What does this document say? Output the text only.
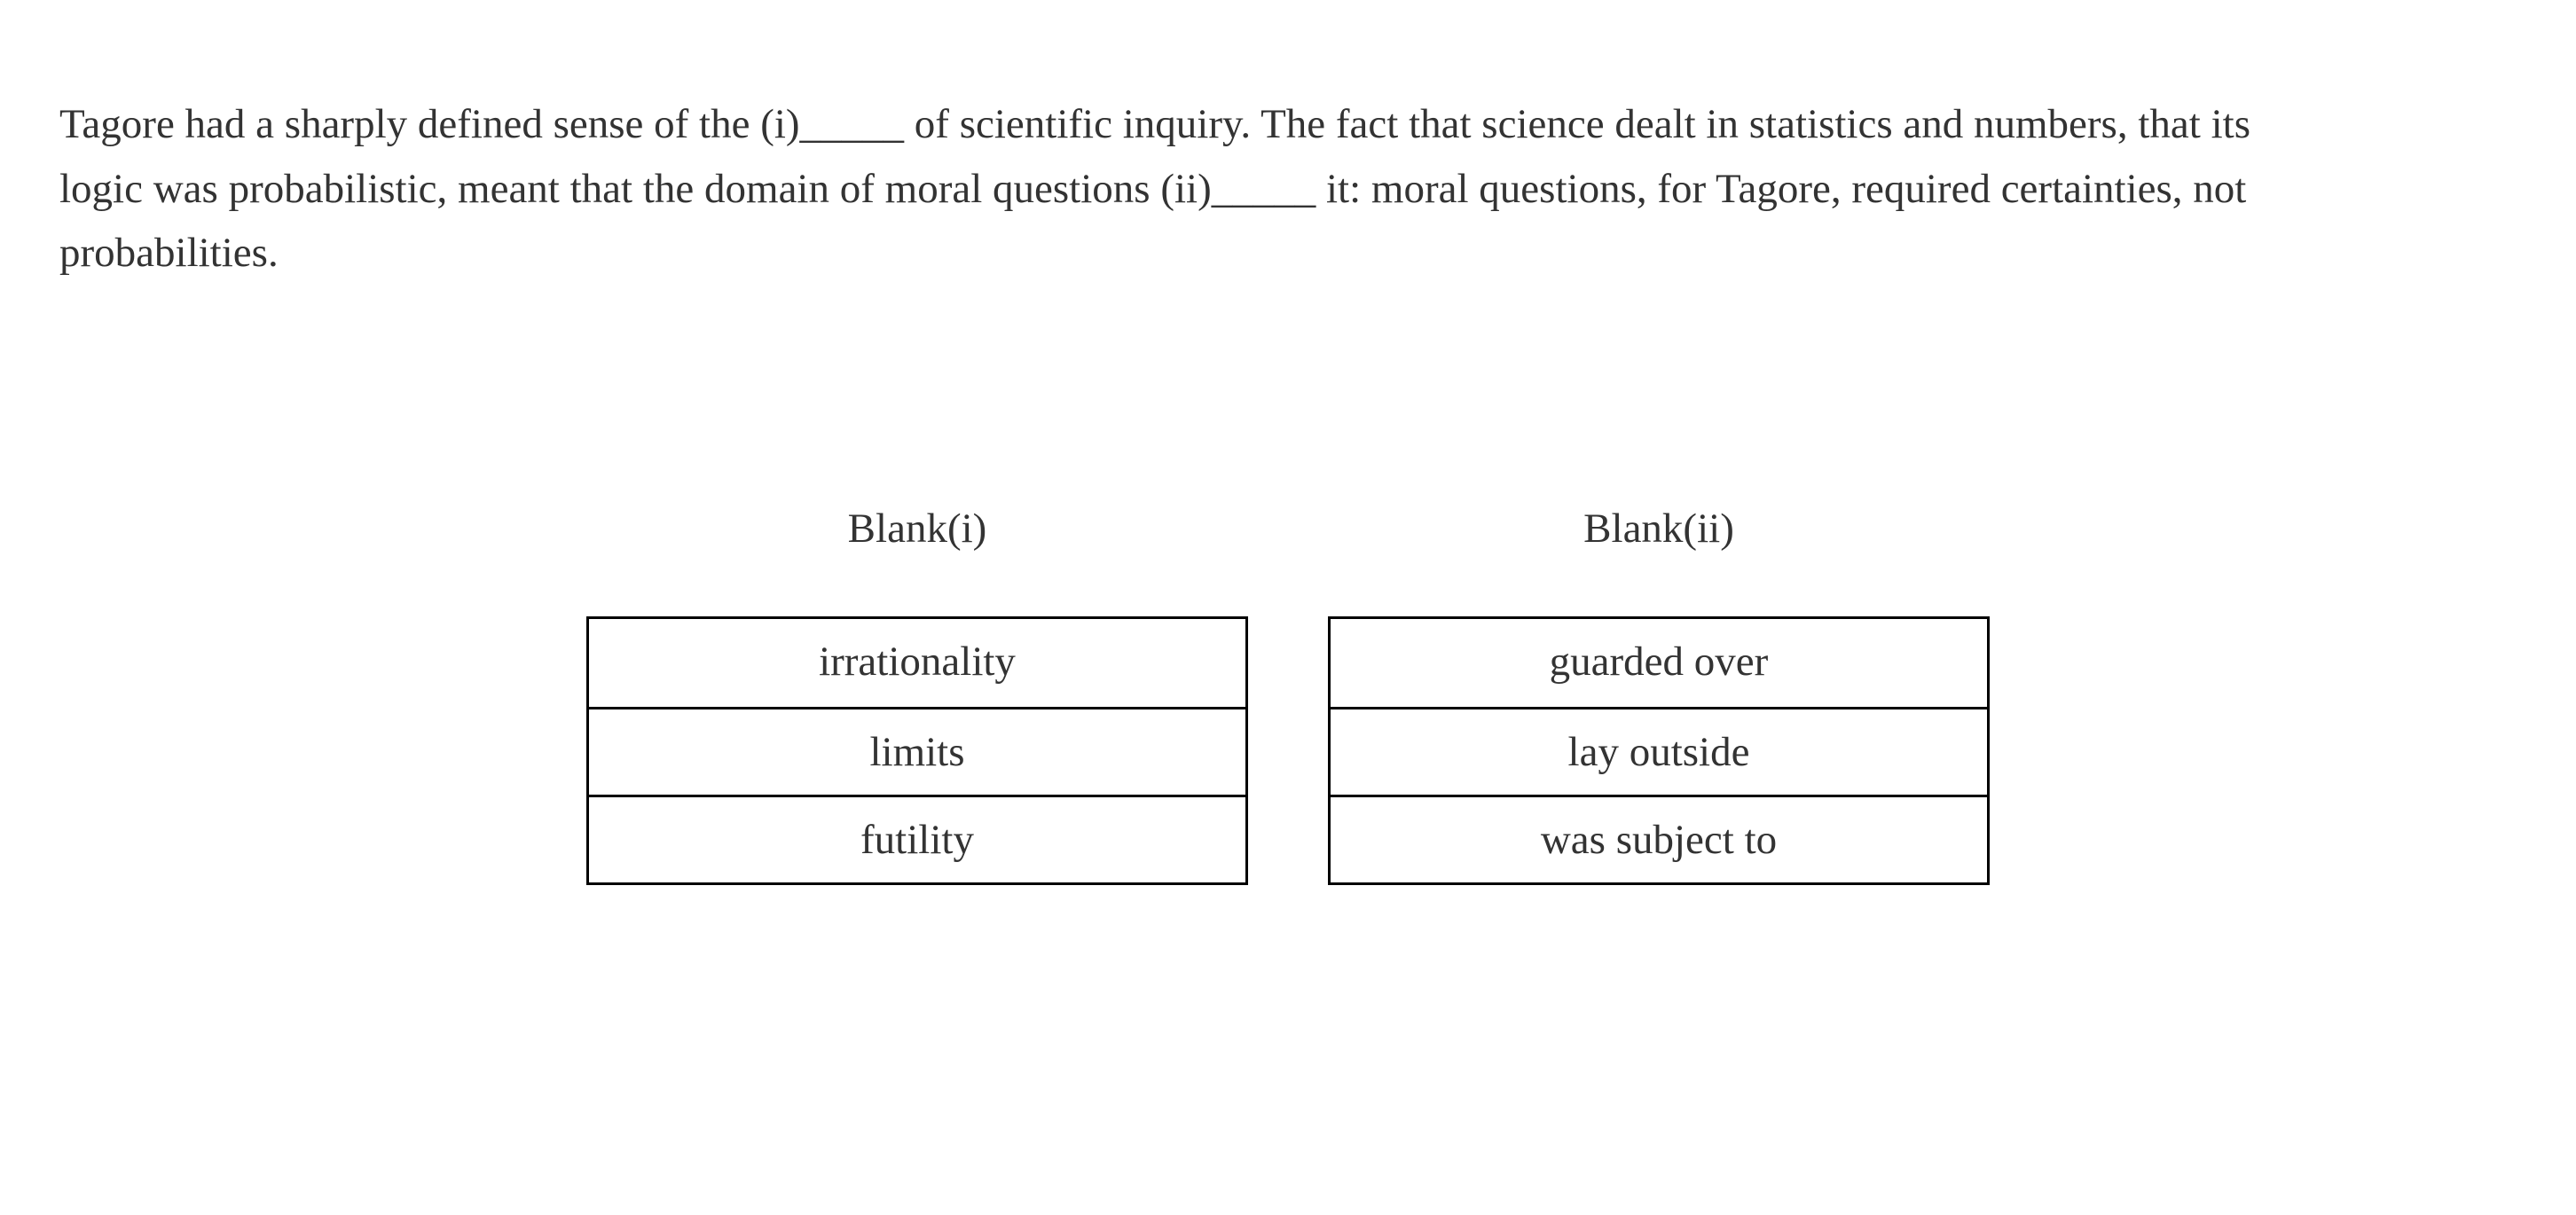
Tagore had a sharply defined sense of the (i)_____ of scientific inquiry. The fact that science dealt in statistics and numbers, that its
logic was probabilistic, meant that the domain of moral questions (ii)_____ it: moral questions, for Tagore, required certainties, not
probabilities.

Blank(i)
irrationality
limits
futility
Blank(ii)
guarded over
lay outside
was subject to
